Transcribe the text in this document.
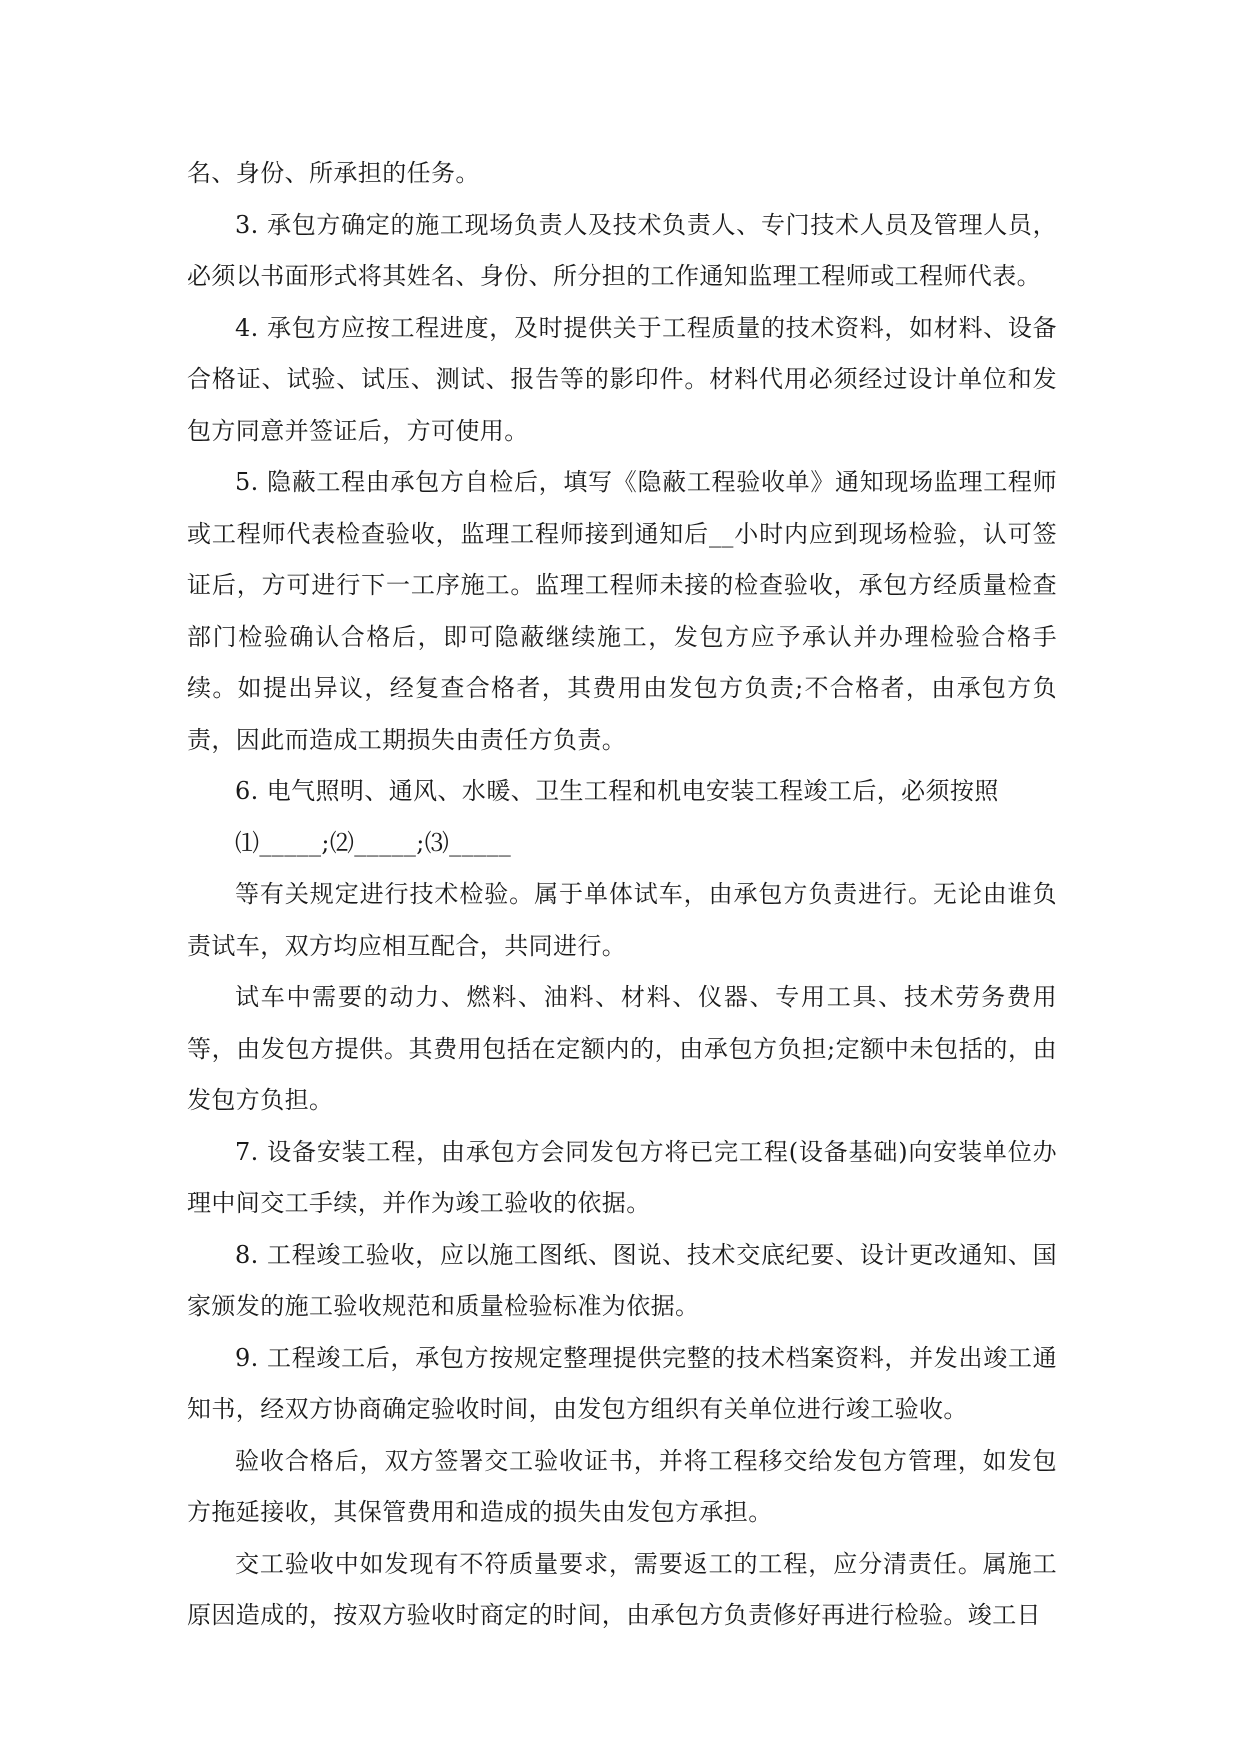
名、身份、所承担的任务。

3. 承包方确定的施工现场负责人及技术负责人、专门技术人员及管理人员，必须以书面形式将其姓名、身份、所分担的工作通知监理工程师或工程师代表。

4. 承包方应按工程进度，及时提供关于工程质量的技术资料，如材料、设备合格证、试验、试压、测试、报告等的影印件。材料代用必须经过设计单位和发包方同意并签证后，方可使用。

5. 隐蔽工程由承包方自检后，填写《隐蔽工程验收单》通知现场监理工程师或工程师代表检查验收，监理工程师接到通知后__小时内应到现场检验，认可签证后，方可进行下一工序施工。监理工程师未接的检查验收，承包方经质量检查部门检验确认合格后，即可隐蔽继续施工，发包方应予承认并办理检验合格手续。如提出异议，经复查合格者，其费用由发包方负责;不合格者，由承包方负责，因此而造成工期损失由责任方负责。

6. 电气照明、通风、水暖、卫生工程和机电安装工程竣工后，必须按照

⑴_____;⑵_____;⑶_____

等有关规定进行技术检验。属于单体试车，由承包方负责进行。无论由谁负责试车，双方均应相互配合，共同进行。

试车中需要的动力、燃料、油料、材料、仪器、专用工具、技术劳务费用等，由发包方提供。其费用包括在定额内的，由承包方负担;定额中未包括的，由发包方负担。

7. 设备安装工程，由承包方会同发包方将已完工程(设备基础)向安装单位办理中间交工手续，并作为竣工验收的依据。

8. 工程竣工验收，应以施工图纸、图说、技术交底纪要、设计更改通知、国家颁发的施工验收规范和质量检验标准为依据。

9. 工程竣工后，承包方按规定整理提供完整的技术档案资料，并发出竣工通知书，经双方协商确定验收时间，由发包方组织有关单位进行竣工验收。

验收合格后，双方签署交工验收证书，并将工程移交给发包方管理，如发包方拖延接收，其保管费用和造成的损失由发包方承担。

交工验收中如发现有不符质量要求，需要返工的工程，应分清责任。属施工原因造成的，按双方验收时商定的时间，由承包方负责修好再进行检验。竣工日
